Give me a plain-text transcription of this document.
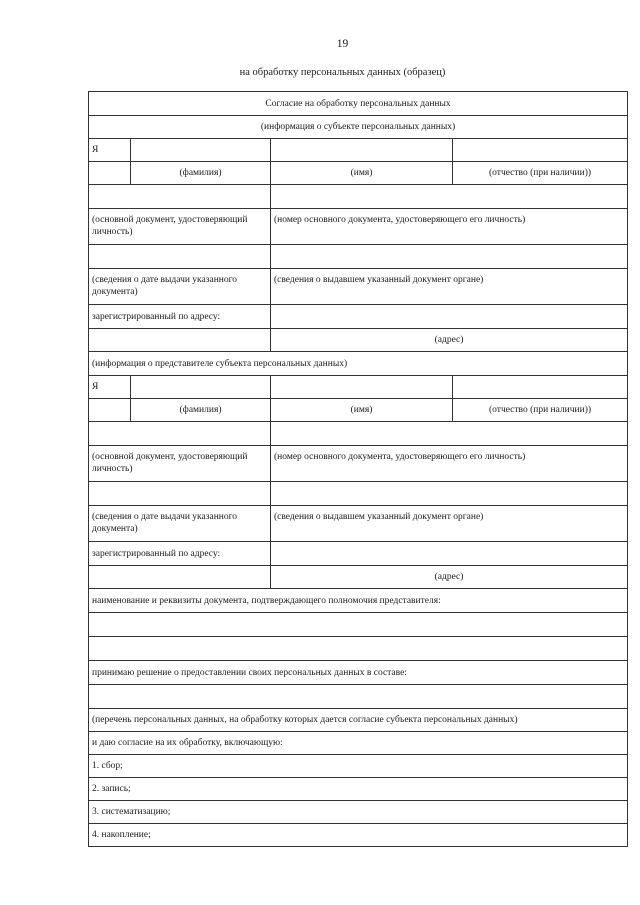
19
на обработку персональных данных (образец)
Согласие на обработку персональных данных			
(информация о субъекте персональных данных)			
Я			
	(фамилия)	(имя)	(отчество (при наличии))

(основной документ, удостоверяющий личность)		(номер основного документа, удостоверяющего его личность)	

(сведения о дате выдачи указанного документа)		(сведения о выдавшем указанный документ органе)	
зарегистрированный по адресу:			
		(адрес)	
(информация о представителе субъекта персональных данных)			
Я			
	(фамилия)	(имя)	(отчество (при наличии))

(основной документ, удостоверяющий личность)		(номер основного документа, удостоверяющего его личность)	

(сведения о дате выдачи указанного документа)		(сведения о выдавшем указанный документ органе)	
зарегистрированный по адресу:			
		(адрес)	
наименование и реквизиты документа, подтверждающего полномочия представителя:			

принимаю решение о предоставлении своих персональных данных в составе:			

(перечень персональных данных, на обработку которых дается согласие субъекта персональных данных)			
и даю согласие на их обработку, включающую:			
1. сбор;			
2. запись;			
3. систематизацию;			
4. накопление;			
